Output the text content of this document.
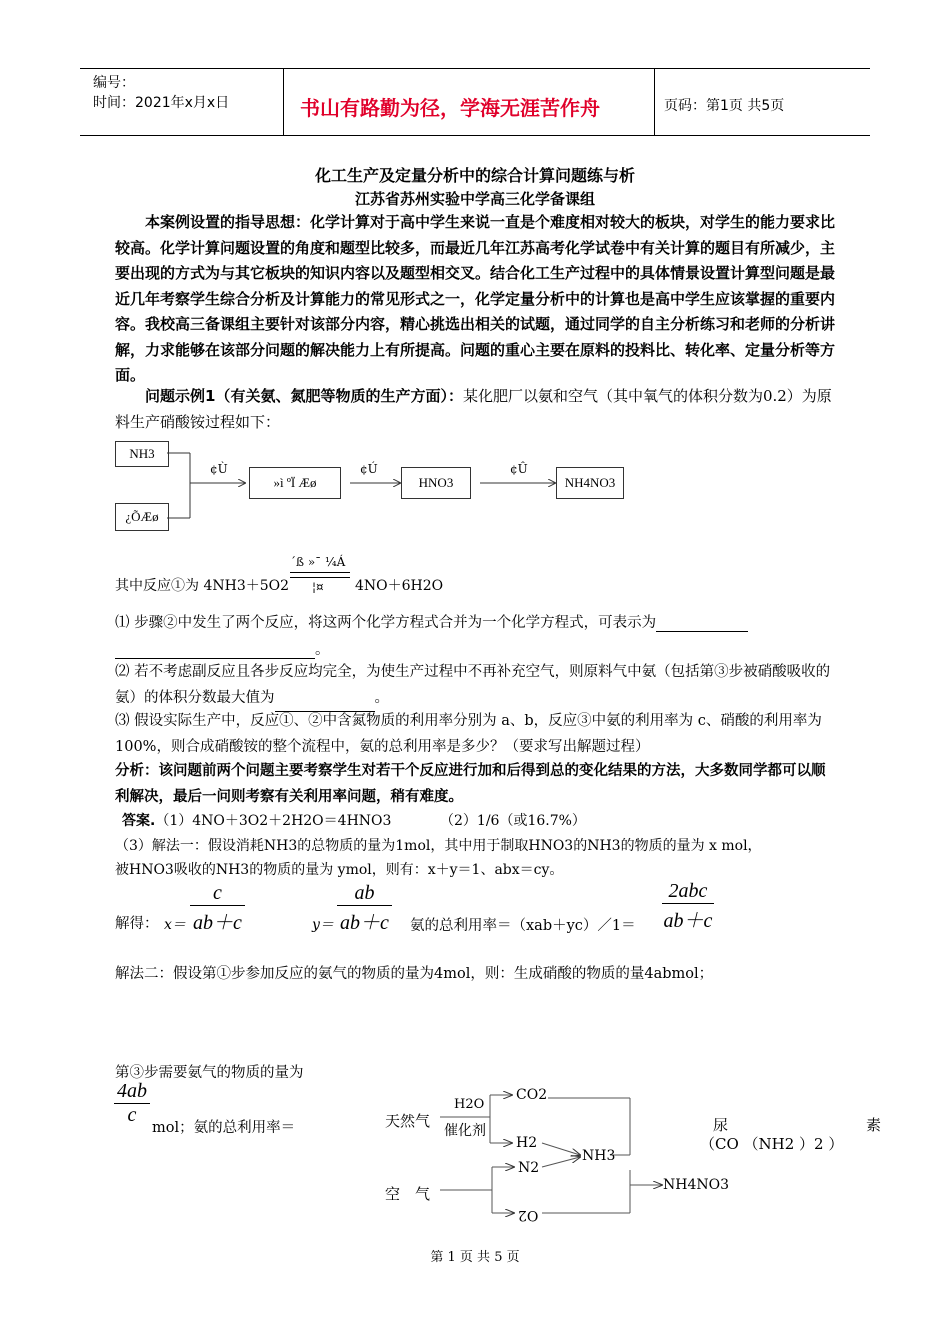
编号：
时间：2021年x月x日	书山有路勤为径，学海无涯苦作舟	页码：第1页 共5页
化工生产及定量分析中的综合计算问题练与析
江苏省苏州实验中学高三化学备课组
本案例设置的指导思想：化学计算对于高中学生来说一直是个难度相对较大的板块，对学生的能力要求比较高。化学计算问题设置的角度和题型比较多，而最近几年江苏高考化学试卷中有关计算的题目有所减少，主要出现的方式为与其它板块的知识内容以及题型相交叉。结合化工生产过程中的具体情景设置计算型问题是最近几年考察学生综合分析及计算能力的常见形式之一，化学定量分析中的计算也是高中学生应该掌握的重要内容。我校高三备课组主要针对该部分内容，精心挑选出相关的试题，通过同学的自主分析练习和老师的分析讲解，力求能够在该部分问题的解决能力上有所提高。问题的重心主要在原料的投料比、转化率、定量分析等方面。
问题示例1（有关氨、氮肥等物质的生产方面）：某化肥厂以氨和空气（其中氧气的体积分数为0.2）为原料生产硝酸铵过程如下：
NH3
¿ÕÆø
»ì ºÏ Æø	HNO3	NH4NO3
¢Ù	¢Ú	¢Û
其中反应①为 4NH3＋5O2
´ß »¯ ¼Á
¦¤ 4NO＋6H2O
⑴ 步骤②中发生了两个反应，将这两个化学方程式合并为一个化学方程式，可表示为
。
⑵ 若不考虑副反应且各步反应均完全，为使生产过程中不再补充空气，则原料气中氨（包括第③步被硝酸吸收的氨）的体积分数最大值为	。
⑶ 假设实际生产中，反应①、②中含氮物质的利用率分别为 a、b，反应③中氨的利用率为 c、硝酸的利用率为100%，则合成硝酸铵的整个流程中，氨的总利用率是多少？（要求写出解题过程）
分析：该问题前两个问题主要考察学生对若干个反应进行加和后得到总的变化结果的方法，大多数同学都可以顺利解决，最后一问则考察有关利用率问题，稍有难度。
答案.（1）4NO＋3O2＋2H2O＝4HNO3	（2）1/6（或16.7%）
（3）解法一：假设消耗NH3的总物质的量为1mol，其中用于制取HNO3的NH3的物质的量为 x mol，
被HNO3吸收的NH3的物质的量为 ymol，则有：x＋y＝1、abx＝cy。
解得： $x= \frac{c}{ab+c}$	$y= \frac{ab}{ab+c}$ 氨的总利用率＝（xab＋yc）／1＝
2abc
ab＋c
解法二：假设第①步参加反应的氨气的物质的量为4mol，则：生成硝酸的物质的量4abmol；
第③步需要氨气的物质的量为
$\frac{4ab}{c}$
mol；氨的总利用率＝	天然气
H2O
催化剂
CO2
H2
NH3
N2
空　气
O2
NH4NO3
尿	素
（CO （NH2 ）2 ）
第 1 页 共 5 页
